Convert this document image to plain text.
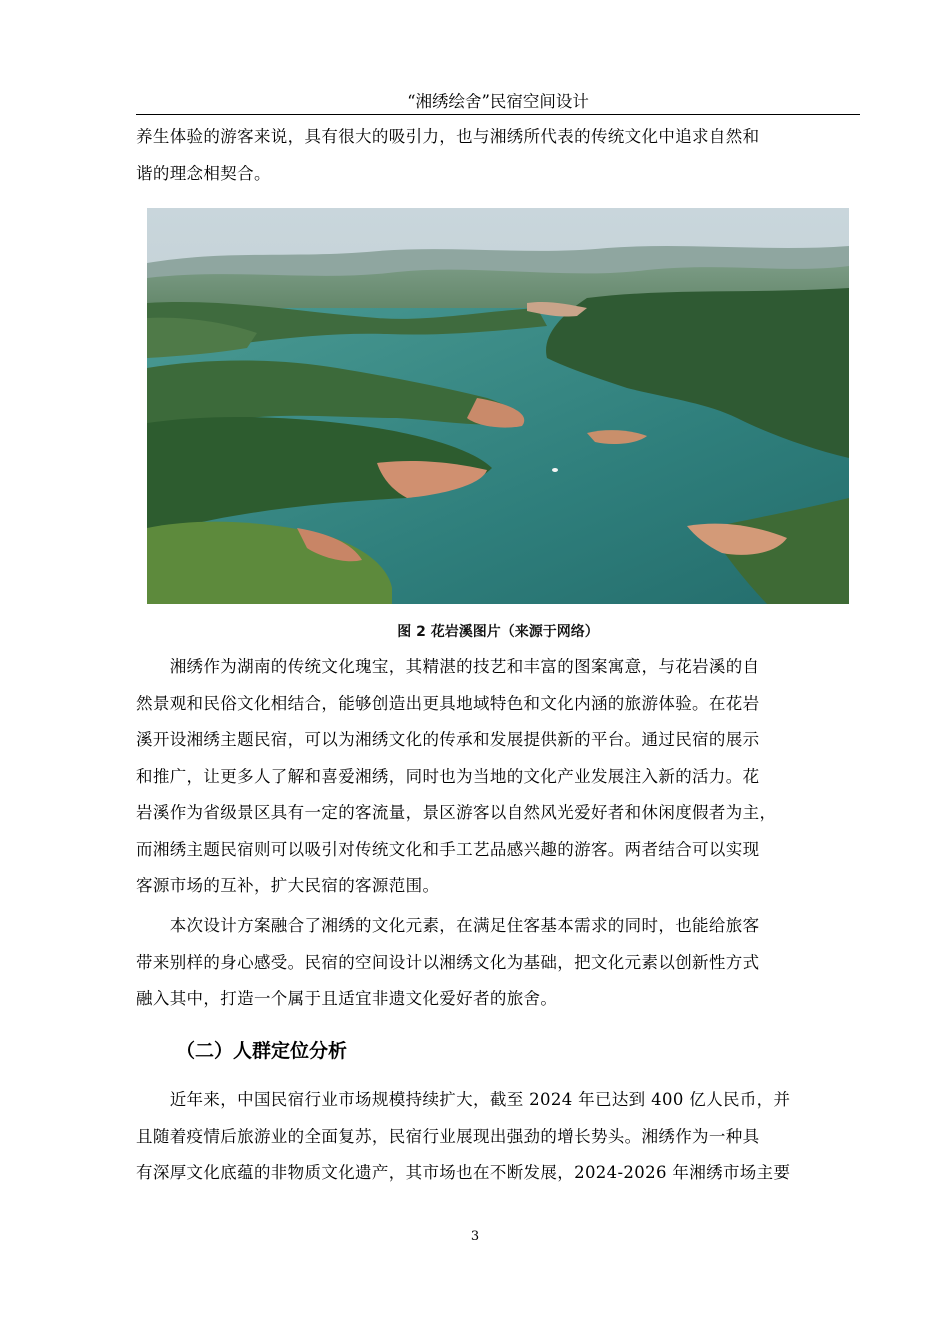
“湘绣绘舍”民宿空间设计
养生体验的游客来说，具有很大的吸引力，也与湘绣所代表的传统文化中追求自然和
谐的理念相契合。
图 2 花岩溪图片（来源于网络）
　　湘绣作为湖南的传统文化瑰宝，其精湛的技艺和丰富的图案寓意，与花岩溪的自
然景观和民俗文化相结合，能够创造出更具地域特色和文化内涵的旅游体验。在花岩
溪开设湘绣主题民宿，可以为湘绣文化的传承和发展提供新的平台。通过民宿的展示
和推广，让更多人了解和喜爱湘绣，同时也为当地的文化产业发展注入新的活力。花
岩溪作为省级景区具有一定的客流量，景区游客以自然风光爱好者和休闲度假者为主，
而湘绣主题民宿则可以吸引对传统文化和手工艺品感兴趣的游客。两者结合可以实现
客源市场的互补，扩大民宿的客源范围。
　　本次设计方案融合了湘绣的文化元素，在满足住客基本需求的同时，也能给旅客
带来别样的身心感受。民宿的空间设计以湘绣文化为基础，把文化元素以创新性方式
融入其中，打造一个属于且适宜非遗文化爱好者的旅舍。
（二）人群定位分析
　　近年来，中国民宿行业市场规模持续扩大，截至 2024 年已达到 400 亿人民币，并
且随着疫情后旅游业的全面复苏，民宿行业展现出强劲的增长势头。湘绣作为一种具
有深厚文化底蕴的非物质文化遗产，其市场也在不断发展，2024-2026 年湘绣市场主要
3
